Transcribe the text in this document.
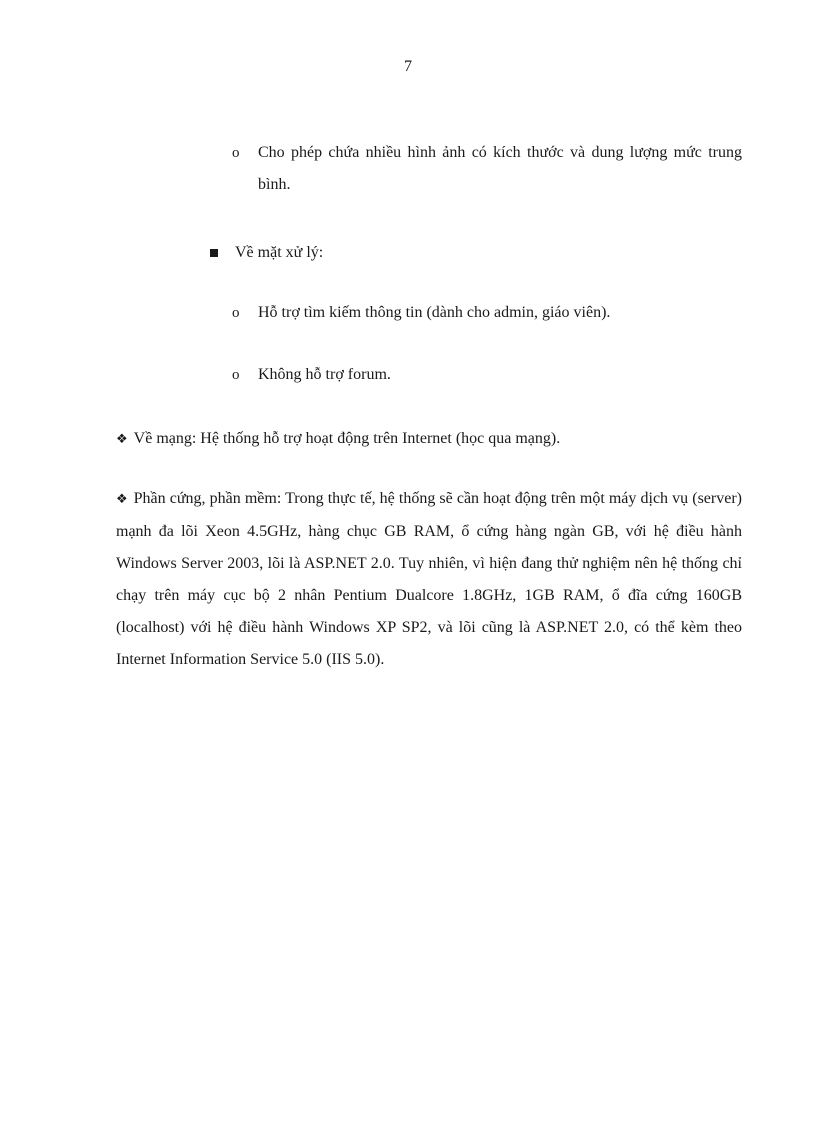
7
o	Cho phép chứa nhiều hình ảnh có kích thước và dung lượng mức trung bình.
Về mặt xử lý:
o	Hỗ trợ tìm kiếm thông tin (dành cho admin, giáo viên).
o	Không hỗ trợ forum.
❖ Về mạng: Hệ thống hỗ trợ hoạt động trên Internet (học qua mạng).
❖ Phần cứng, phần mềm: Trong thực tế, hệ thống sẽ cần hoạt động trên một máy dịch vụ (server) mạnh đa lõi Xeon 4.5GHz, hàng chục GB RAM, ổ cứng hàng ngàn GB, với hệ điều hành Windows Server 2003, lõi là ASP.NET 2.0. Tuy nhiên, vì hiện đang thử nghiệm nên hệ thống chỉ chạy trên máy cục bộ 2 nhân Pentium Dualcore 1.8GHz, 1GB RAM, ổ đĩa cứng 160GB (localhost) với hệ điều hành Windows XP SP2, và lõi cũng là ASP.NET 2.0, có thể kèm theo Internet Information Service 5.0 (IIS 5.0).
